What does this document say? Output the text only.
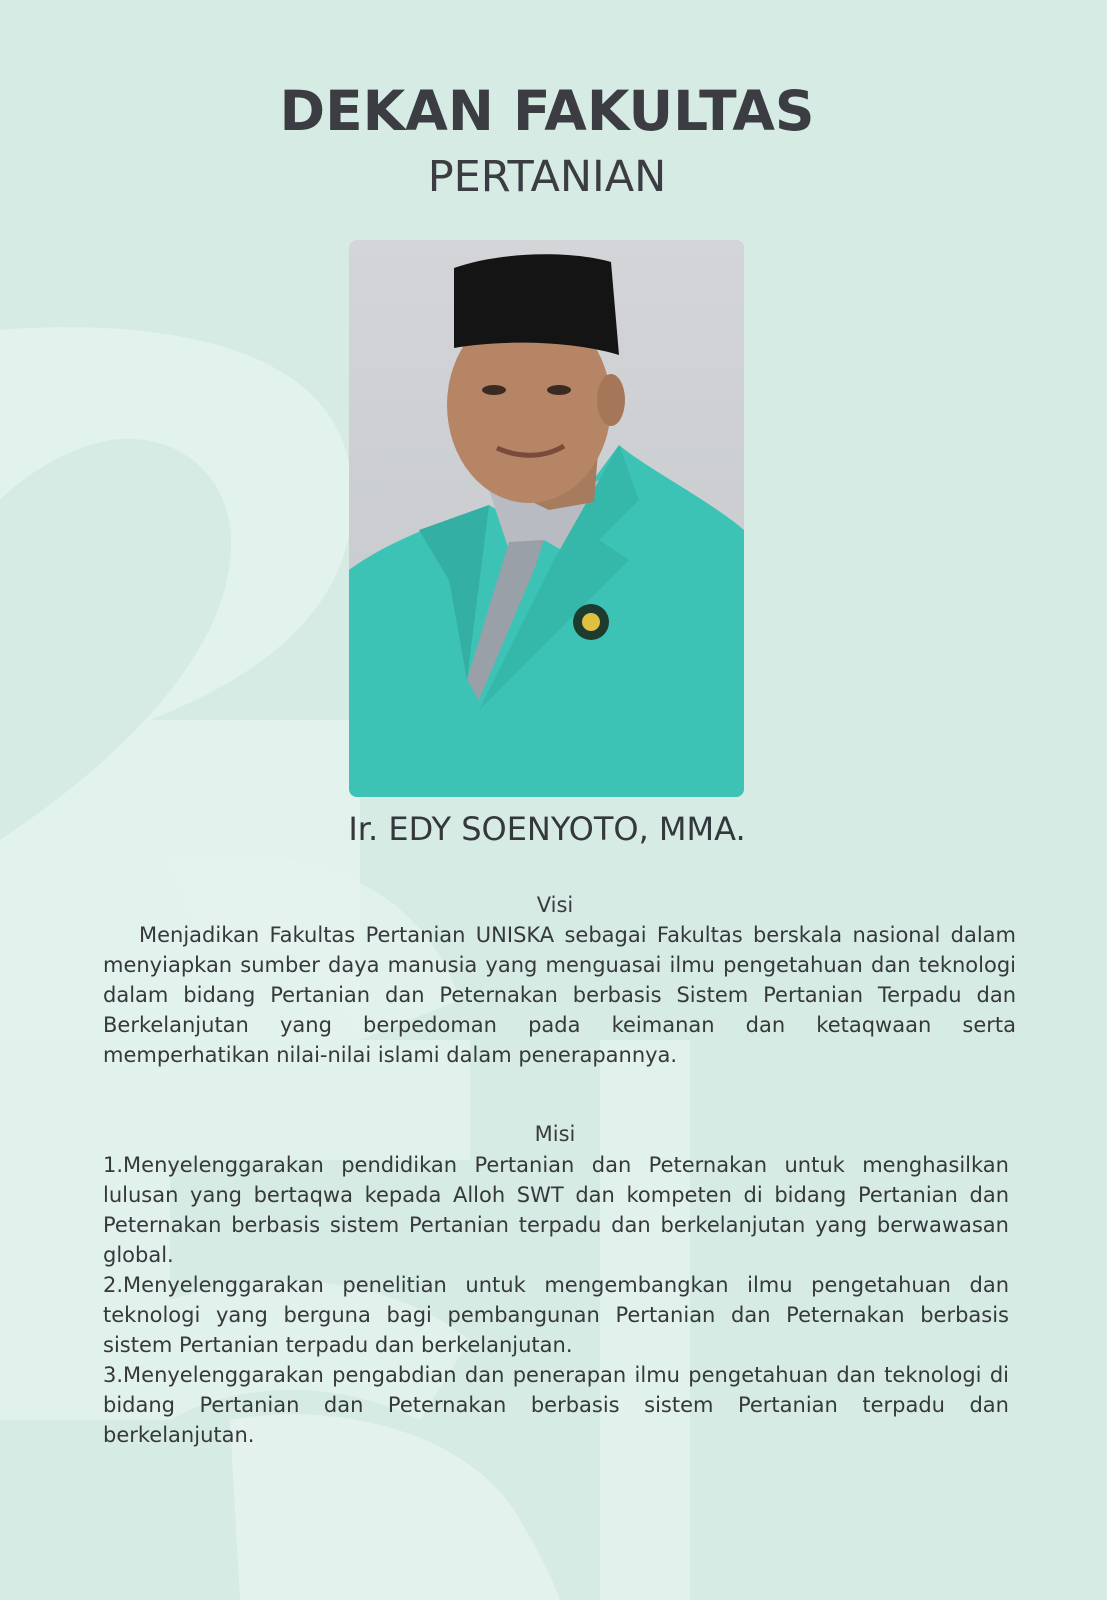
DEKAN FAKULTAS
PERTANIAN
Ir. EDY SOENYOTO, MMA.
Visi
Menjadikan Fakultas Pertanian UNISKA sebagai Fakultas berskala nasional dalam menyiapkan sumber daya manusia yang menguasai ilmu pengetahuan dan teknologi dalam bidang Pertanian dan Peternakan berbasis Sistem Pertanian Terpadu dan Berkelanjutan yang berpedoman pada keimanan dan ketaqwaan serta memperhatikan nilai-nilai islami dalam penerapannya.
Misi
1.Menyelenggarakan pendidikan Pertanian dan Peternakan untuk menghasilkan lulusan yang bertaqwa kepada Alloh SWT dan kompeten di bidang Pertanian dan Peternakan berbasis sistem Pertanian terpadu dan berkelanjutan yang berwawasan global.
2.Menyelenggarakan penelitian untuk mengembangkan ilmu pengetahuan dan teknologi yang berguna bagi pembangunan Pertanian dan Peternakan berbasis sistem Pertanian terpadu dan berkelanjutan.
3.Menyelenggarakan pengabdian dan penerapan ilmu pengetahuan dan teknologi di bidang Pertanian dan Peternakan berbasis sistem Pertanian terpadu dan berkelanjutan.
